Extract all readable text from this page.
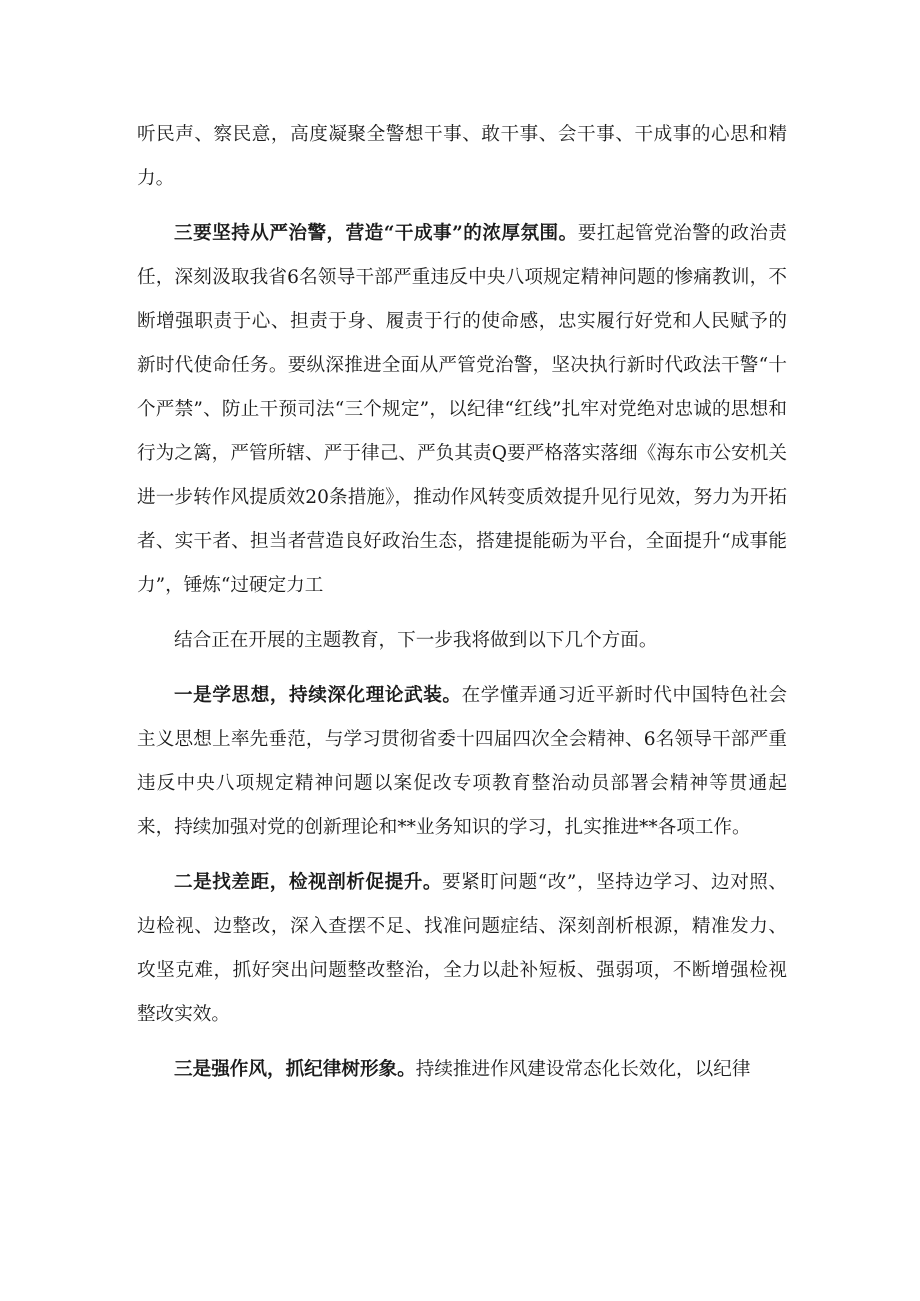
听民声、察民意，高度凝聚全警想干事、敢干事、会干事、干成事的心思和精力。

三要坚持从严治警，营造“干成事”的浓厚氛围。要扛起管党治警的政治责任，深刻汲取我省6名领导干部严重违反中央八项规定精神问题的惨痛教训，不断增强职责于心、担责于身、履责于行的使命感，忠实履行好党和人民赋予的新时代使命任务。要纵深推进全面从严管党治警，坚决执行新时代政法干警“十个严禁”、防止干预司法“三个规定”，以纪律“红线”扎牢对党绝对忠诚的思想和行为之篱，严管所辖、严于律己、严负其责Q要严格落实落细《海东市公安机关进一步转作风提质效20条措施》，推动作风转变质效提升见行见效，努力为开拓者、实干者、担当者营造良好政治生态，搭建提能砺为平台，全面提升“成事能力”，锤炼“过硬定力工

结合正在开展的主题教育，下一步我将做到以下几个方面。

一是学思想，持续深化理论武装。在学懂弄通习近平新时代中国特色社会主义思想上率先垂范，与学习贯彻省委十四届四次全会精神、6名领导干部严重违反中央八项规定精神问题以案促改专项教育整治动员部署会精神等贯通起来，持续加强对党的创新理论和**业务知识的学习，扎实推进**各项工作。

二是找差距，检视剖析促提升。要紧盯问题“改”，坚持边学习、边对照、边检视、边整改，深入查摆不足、找准问题症结、深刻剖析根源，精准发力、攻坚克难，抓好突出问题整改整治，全力以赴补短板、强弱项，不断增强检视整改实效。

三是强作风，抓纪律树形象。持续推进作风建设常态化长效化，以纪律
